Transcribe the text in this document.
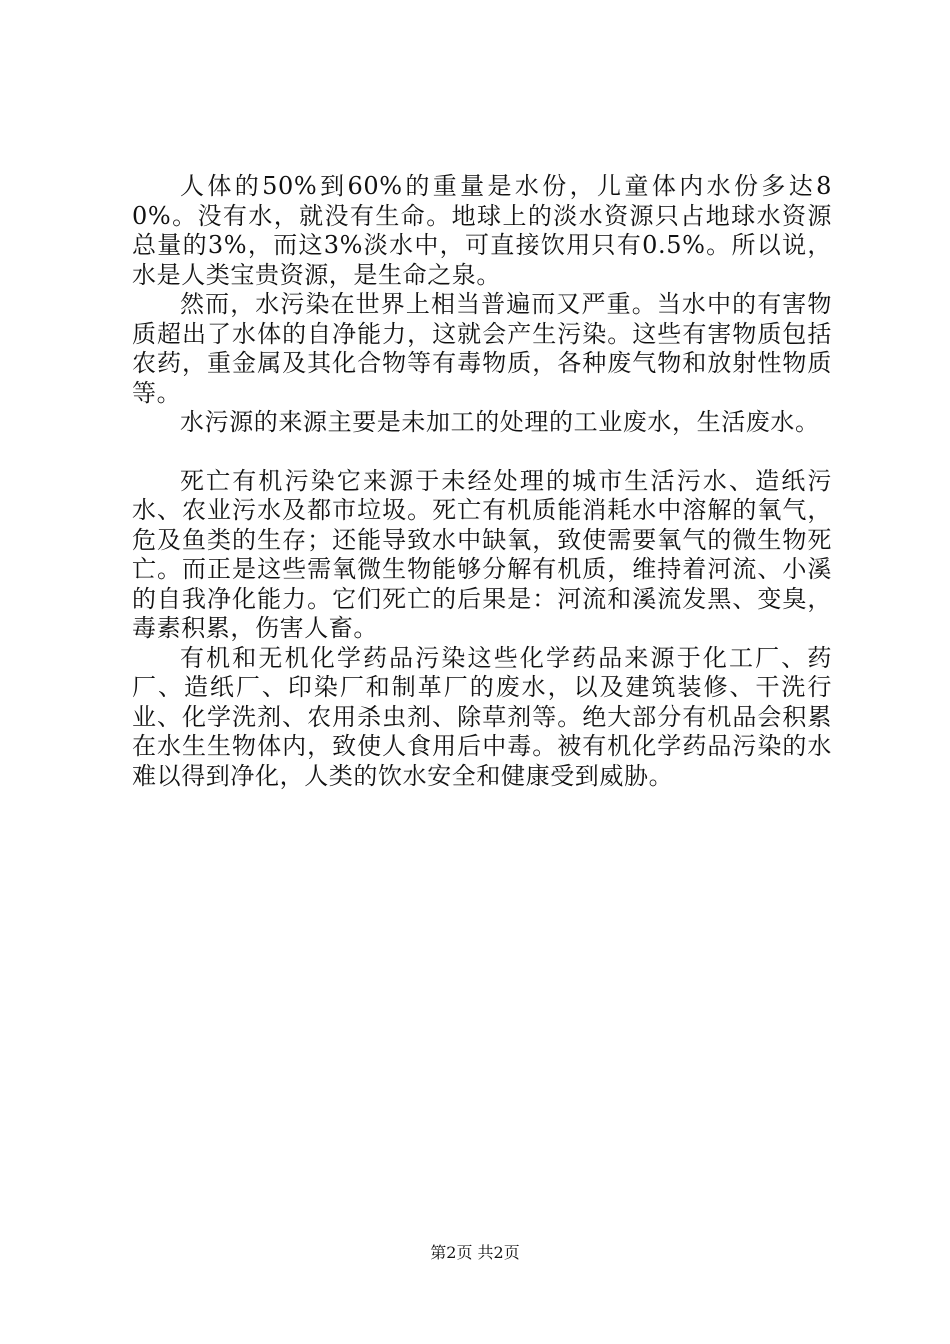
人体的50%到60%的重量是水份，儿童体内水份多达80%。没有水，就没有生命。地球上的淡水资源只占地球水资源总量的3%，而这3%淡水中，可直接饮用只有0.5%。所以说，水是人类宝贵资源，是生命之泉。

然而，水污染在世界上相当普遍而又严重。当水中的有害物质超出了水体的自净能力，这就会产生污染。这些有害物质包括农药，重金属及其化合物等有毒物质，各种废气物和放射性物质等。

水污源的来源主要是未加工的处理的工业废水，生活废水。

死亡有机污染它来源于未经处理的城市生活污水、造纸污水、农业污水及都市垃圾。死亡有机质能消耗水中溶解的氧气，危及鱼类的生存；还能导致水中缺氧，致使需要氧气的微生物死亡。而正是这些需氧微生物能够分解有机质，维持着河流、小溪的自我净化能力。它们死亡的后果是：河流和溪流发黑、变臭，毒素积累，伤害人畜。

有机和无机化学药品污染这些化学药品来源于化工厂、药厂、造纸厂、印染厂和制革厂的废水，以及建筑装修、干洗行业、化学洗剂、农用杀虫剂、除草剂等。绝大部分有机品会积累在水生生物体内，致使人食用后中毒。被有机化学药品污染的水难以得到净化，人类的饮水安全和健康受到威胁。

第2页 共2页
